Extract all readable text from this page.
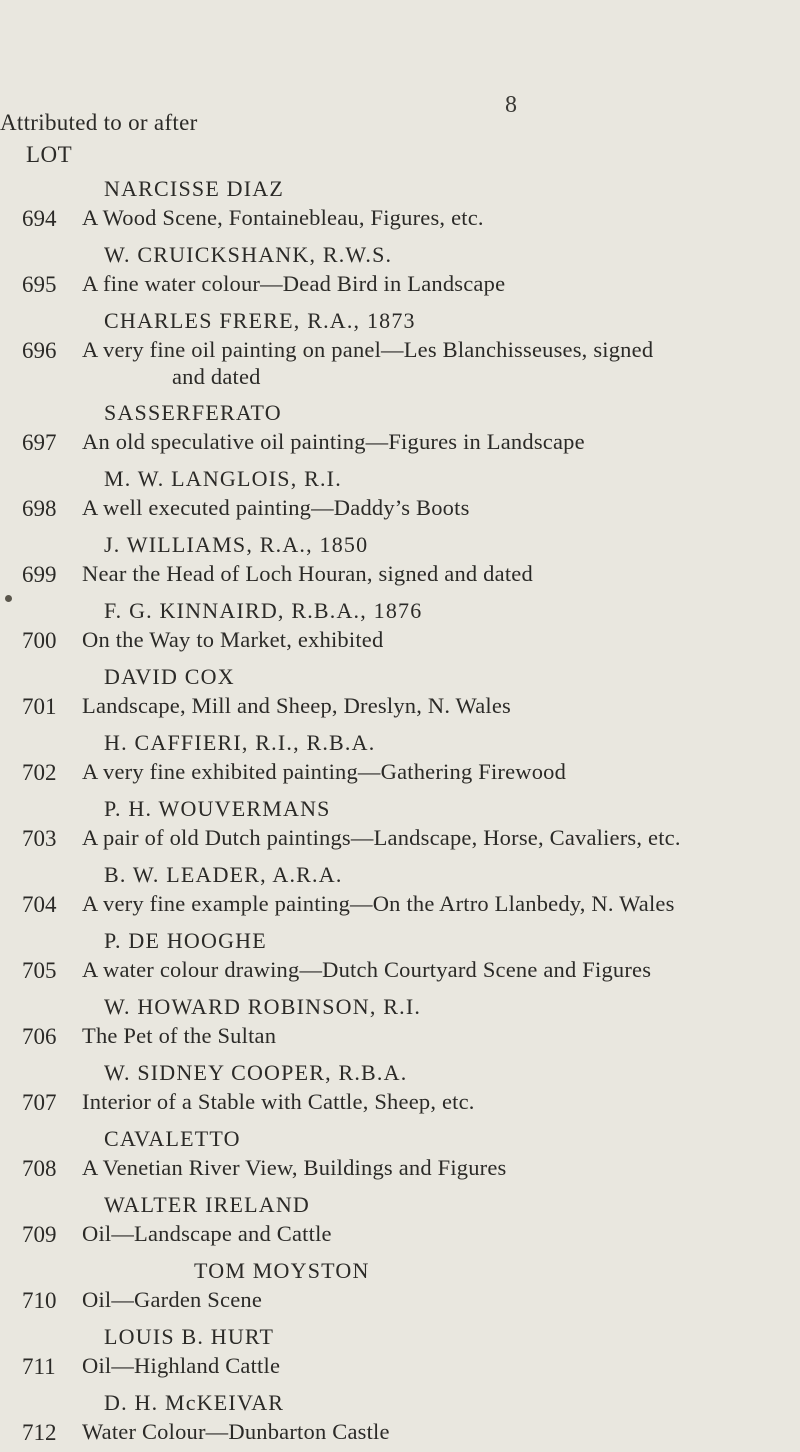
8
Attributed to or after
LOT
NARCISSE DIAZ
694	A Wood Scene, Fontainebleau, Figures, etc.
W. CRUICKSHANK, R.W.S.
695	A fine water colour—Dead Bird in Landscape
CHARLES FRERE, R.A., 1873
696	A very fine oil painting on panel—Les Blanchisseuses, signed
and dated
SASSERFERATO
697	An old speculative oil painting—Figures in Landscape
M. W. LANGLOIS, R.I.
698	A well executed painting—Daddy’s Boots
J. WILLIAMS, R.A., 1850
699	Near the Head of Loch Houran, signed and dated
F. G. KINNAIRD, R.B.A., 1876
700	On the Way to Market, exhibited
DAVID COX
701	Landscape, Mill and Sheep, Dreslyn, N. Wales
H. CAFFIERI, R.I., R.B.A.
702	A very fine exhibited painting—Gathering Firewood
P. H. WOUVERMANS
703	A pair of old Dutch paintings—Landscape, Horse, Cavaliers, etc.
B. W. LEADER, A.R.A.
704	A very fine example painting—On the Artro Llanbedy, N. Wales
P. DE HOOGHE
705	A water colour drawing—Dutch Courtyard Scene and Figures
W. HOWARD ROBINSON, R.I.
706	The Pet of the Sultan
W. SIDNEY COOPER, R.B.A.
707	Interior of a Stable with Cattle, Sheep, etc.
CAVALETTO
708	A Venetian River View, Buildings and Figures
WALTER IRELAND
709	Oil—Landscape and Cattle
TOM MOYSTON
710	Oil—Garden Scene
LOUIS B. HURT
711	Oil—Highland Cattle
D. H. McKEIVAR
712	Water Colour—Dunbarton Castle
